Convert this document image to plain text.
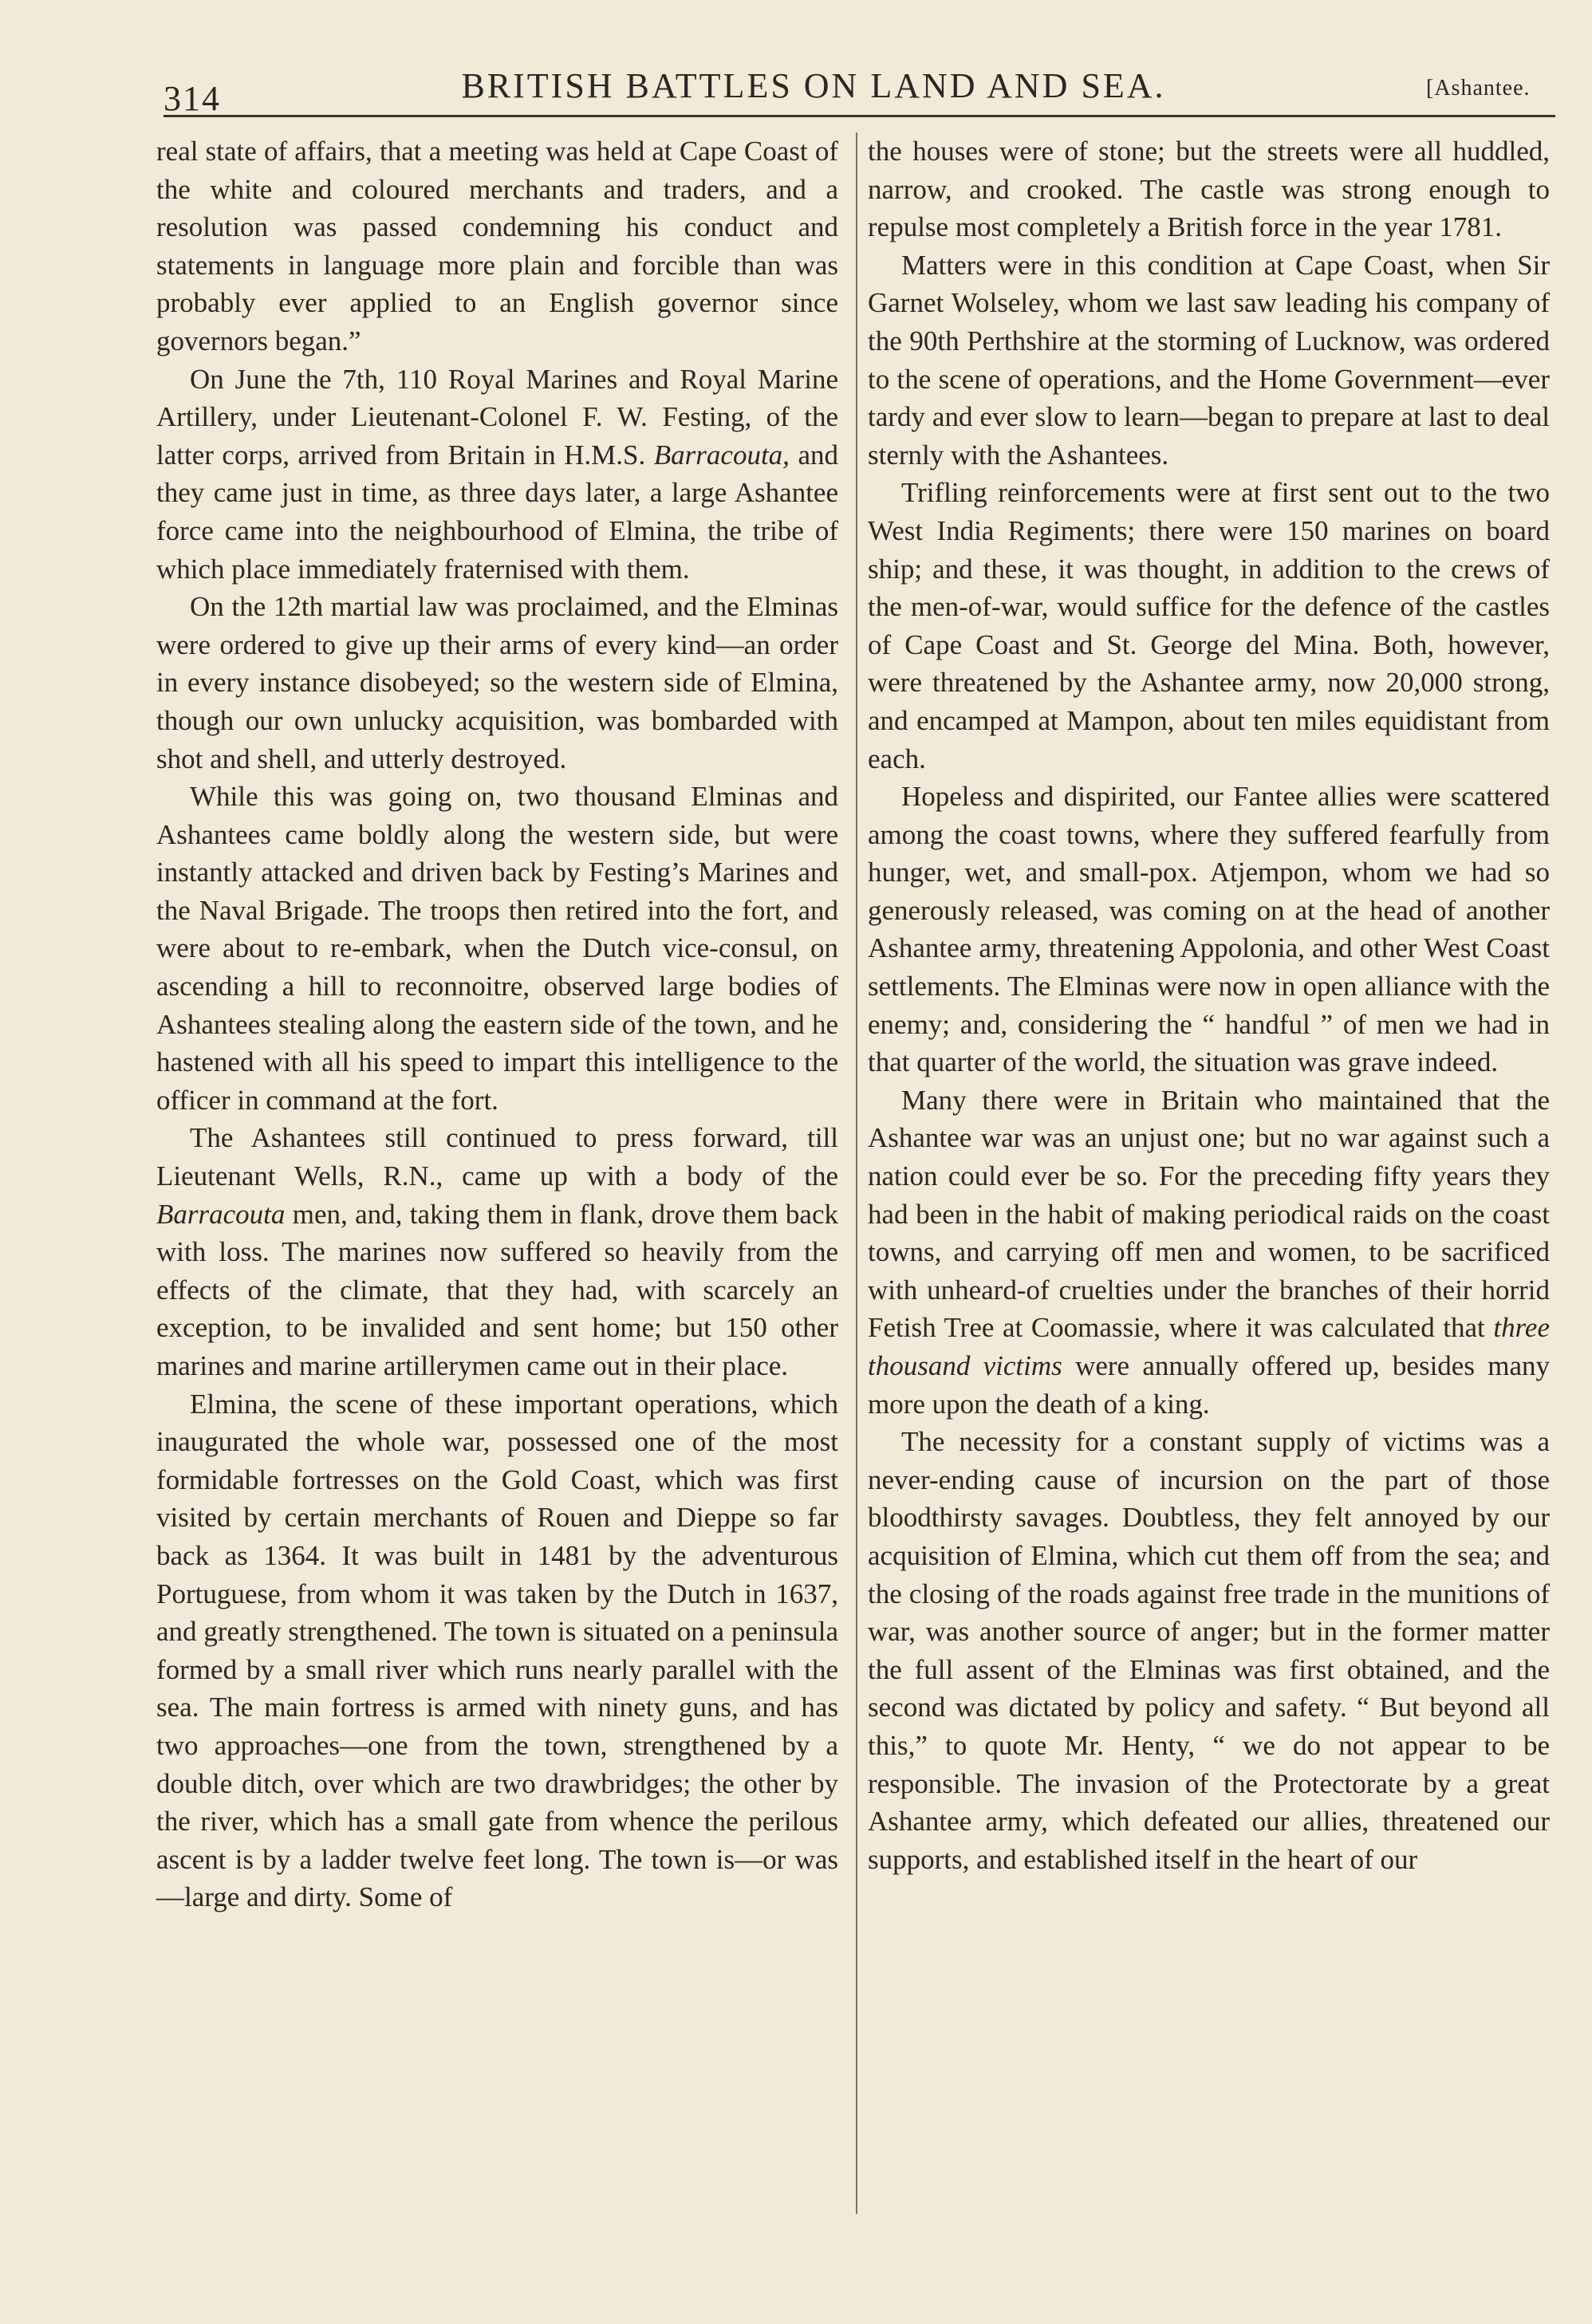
314	BRITISH BATTLES ON LAND AND SEA.	[Ashantee.

real state of affairs, that a meeting was held at Cape Coast of the white and coloured merchants and traders, and a resolution was passed condemning his conduct and statements in language more plain and forcible than was probably ever applied to an English governor since governors began.”

On June the 7th, 110 Royal Marines and Royal Marine Artillery, under Lieutenant-Colonel F. W. Festing, of the latter corps, arrived from Britain in H.M.S. Barracouta, and they came just in time, as three days later, a large Ashantee force came into the neighbourhood of Elmina, the tribe of which place immediately fraternised with them.

On the 12th martial law was proclaimed, and the Elminas were ordered to give up their arms of every kind—an order in every instance disobeyed; so the western side of Elmina, though our own unlucky acquisition, was bombarded with shot and shell, and utterly destroyed.

While this was going on, two thousand Elminas and Ashantees came boldly along the western side, but were instantly attacked and driven back by Festing’s Marines and the Naval Brigade. The troops then retired into the fort, and were about to re-embark, when the Dutch vice-consul, on ascending a hill to reconnoitre, observed large bodies of Ashantees stealing along the eastern side of the town, and he hastened with all his speed to impart this intelligence to the officer in command at the fort.

The Ashantees still continued to press forward, till Lieutenant Wells, R.N., came up with a body of the Barracouta men, and, taking them in flank, drove them back with loss. The marines now suffered so heavily from the effects of the climate, that they had, with scarcely an exception, to be invalided and sent home; but 150 other marines and marine artillerymen came out in their place.

Elmina, the scene of these important operations, which inaugurated the whole war, possessed one of the most formidable fortresses on the Gold Coast, which was first visited by certain merchants of Rouen and Dieppe so far back as 1364. It was built in 1481 by the adventurous Portuguese, from whom it was taken by the Dutch in 1637, and greatly strengthened. The town is situated on a peninsula formed by a small river which runs nearly parallel with the sea. The main fortress is armed with ninety guns, and has two approaches—one from the town, strengthened by a double ditch, over which are two drawbridges; the other by the river, which has a small gate from whence the perilous ascent is by a ladder twelve feet long. The town is—or was—large and dirty. Some of

the houses were of stone; but the streets were all huddled, narrow, and crooked. The castle was strong enough to repulse most completely a British force in the year 1781.

Matters were in this condition at Cape Coast, when Sir Garnet Wolseley, whom we last saw leading his company of the 90th Perthshire at the storming of Lucknow, was ordered to the scene of operations, and the Home Government—ever tardy and ever slow to learn—began to prepare at last to deal sternly with the Ashantees.

Trifling reinforcements were at first sent out to the two West India Regiments; there were 150 marines on board ship; and these, it was thought, in addition to the crews of the men-of-war, would suffice for the defence of the castles of Cape Coast and St. George del Mina. Both, however, were threatened by the Ashantee army, now 20,000 strong, and encamped at Mampon, about ten miles equidistant from each.

Hopeless and dispirited, our Fantee allies were scattered among the coast towns, where they suffered fearfully from hunger, wet, and small-pox. Atjempon, whom we had so generously released, was coming on at the head of another Ashantee army, threatening Appolonia, and other West Coast settlements. The Elminas were now in open alliance with the enemy; and, considering the “ handful ” of men we had in that quarter of the world, the situation was grave indeed.

Many there were in Britain who maintained that the Ashantee war was an unjust one; but no war against such a nation could ever be so. For the preceding fifty years they had been in the habit of making periodical raids on the coast towns, and carrying off men and women, to be sacrificed with unheard-of cruelties under the branches of their horrid Fetish Tree at Coomassie, where it was calculated that three thousand victims were annually offered up, besides many more upon the death of a king.

The necessity for a constant supply of victims was a never-ending cause of incursion on the part of those bloodthirsty savages. Doubtless, they felt annoyed by our acquisition of Elmina, which cut them off from the sea; and the closing of the roads against free trade in the munitions of war, was another source of anger; but in the former matter the full assent of the Elminas was first obtained, and the second was dictated by policy and safety. “ But beyond all this,” to quote Mr. Henty, “ we do not appear to be responsible. The invasion of the Protectorate by a great Ashantee army, which defeated our allies, threatened our supports, and established itself in the heart of our
